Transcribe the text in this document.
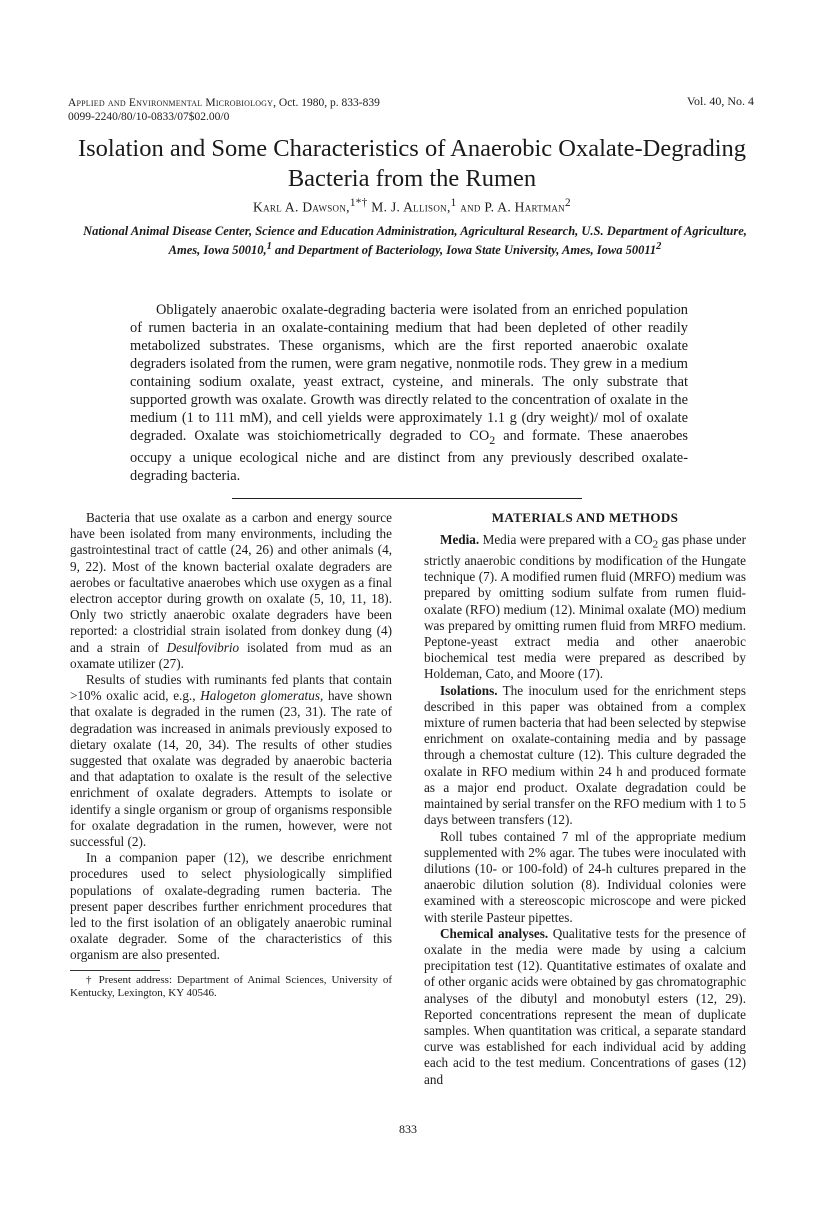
Applied and Environmental Microbiology, Oct. 1980, p. 833-839
0099-2240/80/10-0833/07$02.00/0
Vol. 40, No. 4
Isolation and Some Characteristics of Anaerobic Oxalate-Degrading Bacteria from the Rumen
Karl A. Dawson,$^{1*\dagger}$ M. J. Allison,$^1$ and P. A. Hartman$^2$
National Animal Disease Center, Science and Education Administration, Agricultural Research, U.S. Department of Agriculture, Ames, Iowa 50010,$^1$ and Department of Bacteriology, Iowa State University, Ames, Iowa 50011$^2$

Obligately anaerobic oxalate-degrading bacteria were isolated from an enriched population of rumen bacteria in an oxalate-containing medium that had been depleted of other readily metabolized substrates. These organisms, which are the first reported anaerobic oxalate degraders isolated from the rumen, were gram negative, nonmotile rods. They grew in a medium containing sodium oxalate, yeast extract, cysteine, and minerals. The only substrate that supported growth was oxalate. Growth was directly related to the concentration of oxalate in the medium (1 to 111 mM), and cell yields were approximately 1.1 g (dry weight)/ mol of oxalate degraded. Oxalate was stoichiometrically degraded to $CO_2$ and formate. These anaerobes occupy a unique ecological niche and are distinct from any previously described oxalate-degrading bacteria.

Bacteria that use oxalate as a carbon and energy source have been isolated from many environments, including the gastrointestinal tract of cattle (24, 26) and other animals (4, 9, 22). Most of the known bacterial oxalate degraders are aerobes or facultative anaerobes which use oxygen as a final electron acceptor during growth on oxalate (5, 10, 11, 18). Only two strictly anaerobic oxalate degraders have been reported: a clostridial strain isolated from donkey dung (4) and a strain of Desulfovibrio isolated from mud as an oxamate utilizer (27).

Results of studies with ruminants fed plants that contain >10% oxalic acid, e.g., Halogeton glomeratus, have shown that oxalate is degraded in the rumen (23, 31). The rate of degradation was increased in animals previously exposed to dietary oxalate (14, 20, 34). The results of other studies suggested that oxalate was degraded by anaerobic bacteria and that adaptation to oxalate is the result of the selective enrichment of oxalate degraders. Attempts to isolate or identify a single organism or group of organisms responsible for oxalate degradation in the rumen, however, were not successful (2).

In a companion paper (12), we describe enrichment procedures used to select physiologically simplified populations of oxalate-degrading rumen bacteria. The present paper describes further enrichment procedures that led to the first isolation of an obligately anaerobic ruminal oxalate degrader. Some of the characteristics of this organism are also presented.

† Present address: Department of Animal Sciences, University of Kentucky, Lexington, KY 40546.

MATERIALS AND METHODS

Media. Media were prepared with a $CO_2$ gas phase under strictly anaerobic conditions by modification of the Hungate technique (7). A modified rumen fluid (MRFO) medium was prepared by omitting sodium sulfate from rumen fluid-oxalate (RFO) medium (12). Minimal oxalate (MO) medium was prepared by omitting rumen fluid from MRFO medium. Peptone-yeast extract media and other anaerobic biochemical test media were prepared as described by Holdeman, Cato, and Moore (17).

Isolations. The inoculum used for the enrichment steps described in this paper was obtained from a complex mixture of rumen bacteria that had been selected by stepwise enrichment on oxalate-containing media and by passage through a chemostat culture (12). This culture degraded the oxalate in RFO medium within 24 h and produced formate as a major end product. Oxalate degradation could be maintained by serial transfer on the RFO medium with 1 to 5 days between transfers (12).

Roll tubes contained 7 ml of the appropriate medium supplemented with 2% agar. The tubes were inoculated with dilutions (10- or 100-fold) of 24-h cultures prepared in the anaerobic dilution solution (8). Individual colonies were examined with a stereoscopic microscope and were picked with sterile Pasteur pipettes.

Chemical analyses. Qualitative tests for the presence of oxalate in the media were made by using a calcium precipitation test (12). Quantitative estimates of oxalate and of other organic acids were obtained by gas chromatographic analyses of the dibutyl and monobutyl esters (12, 29). Reported concentrations represent the mean of duplicate samples. When quantitation was critical, a separate standard curve was established for each individual acid by adding each acid to the test medium. Concentrations of gases (12) and

833
